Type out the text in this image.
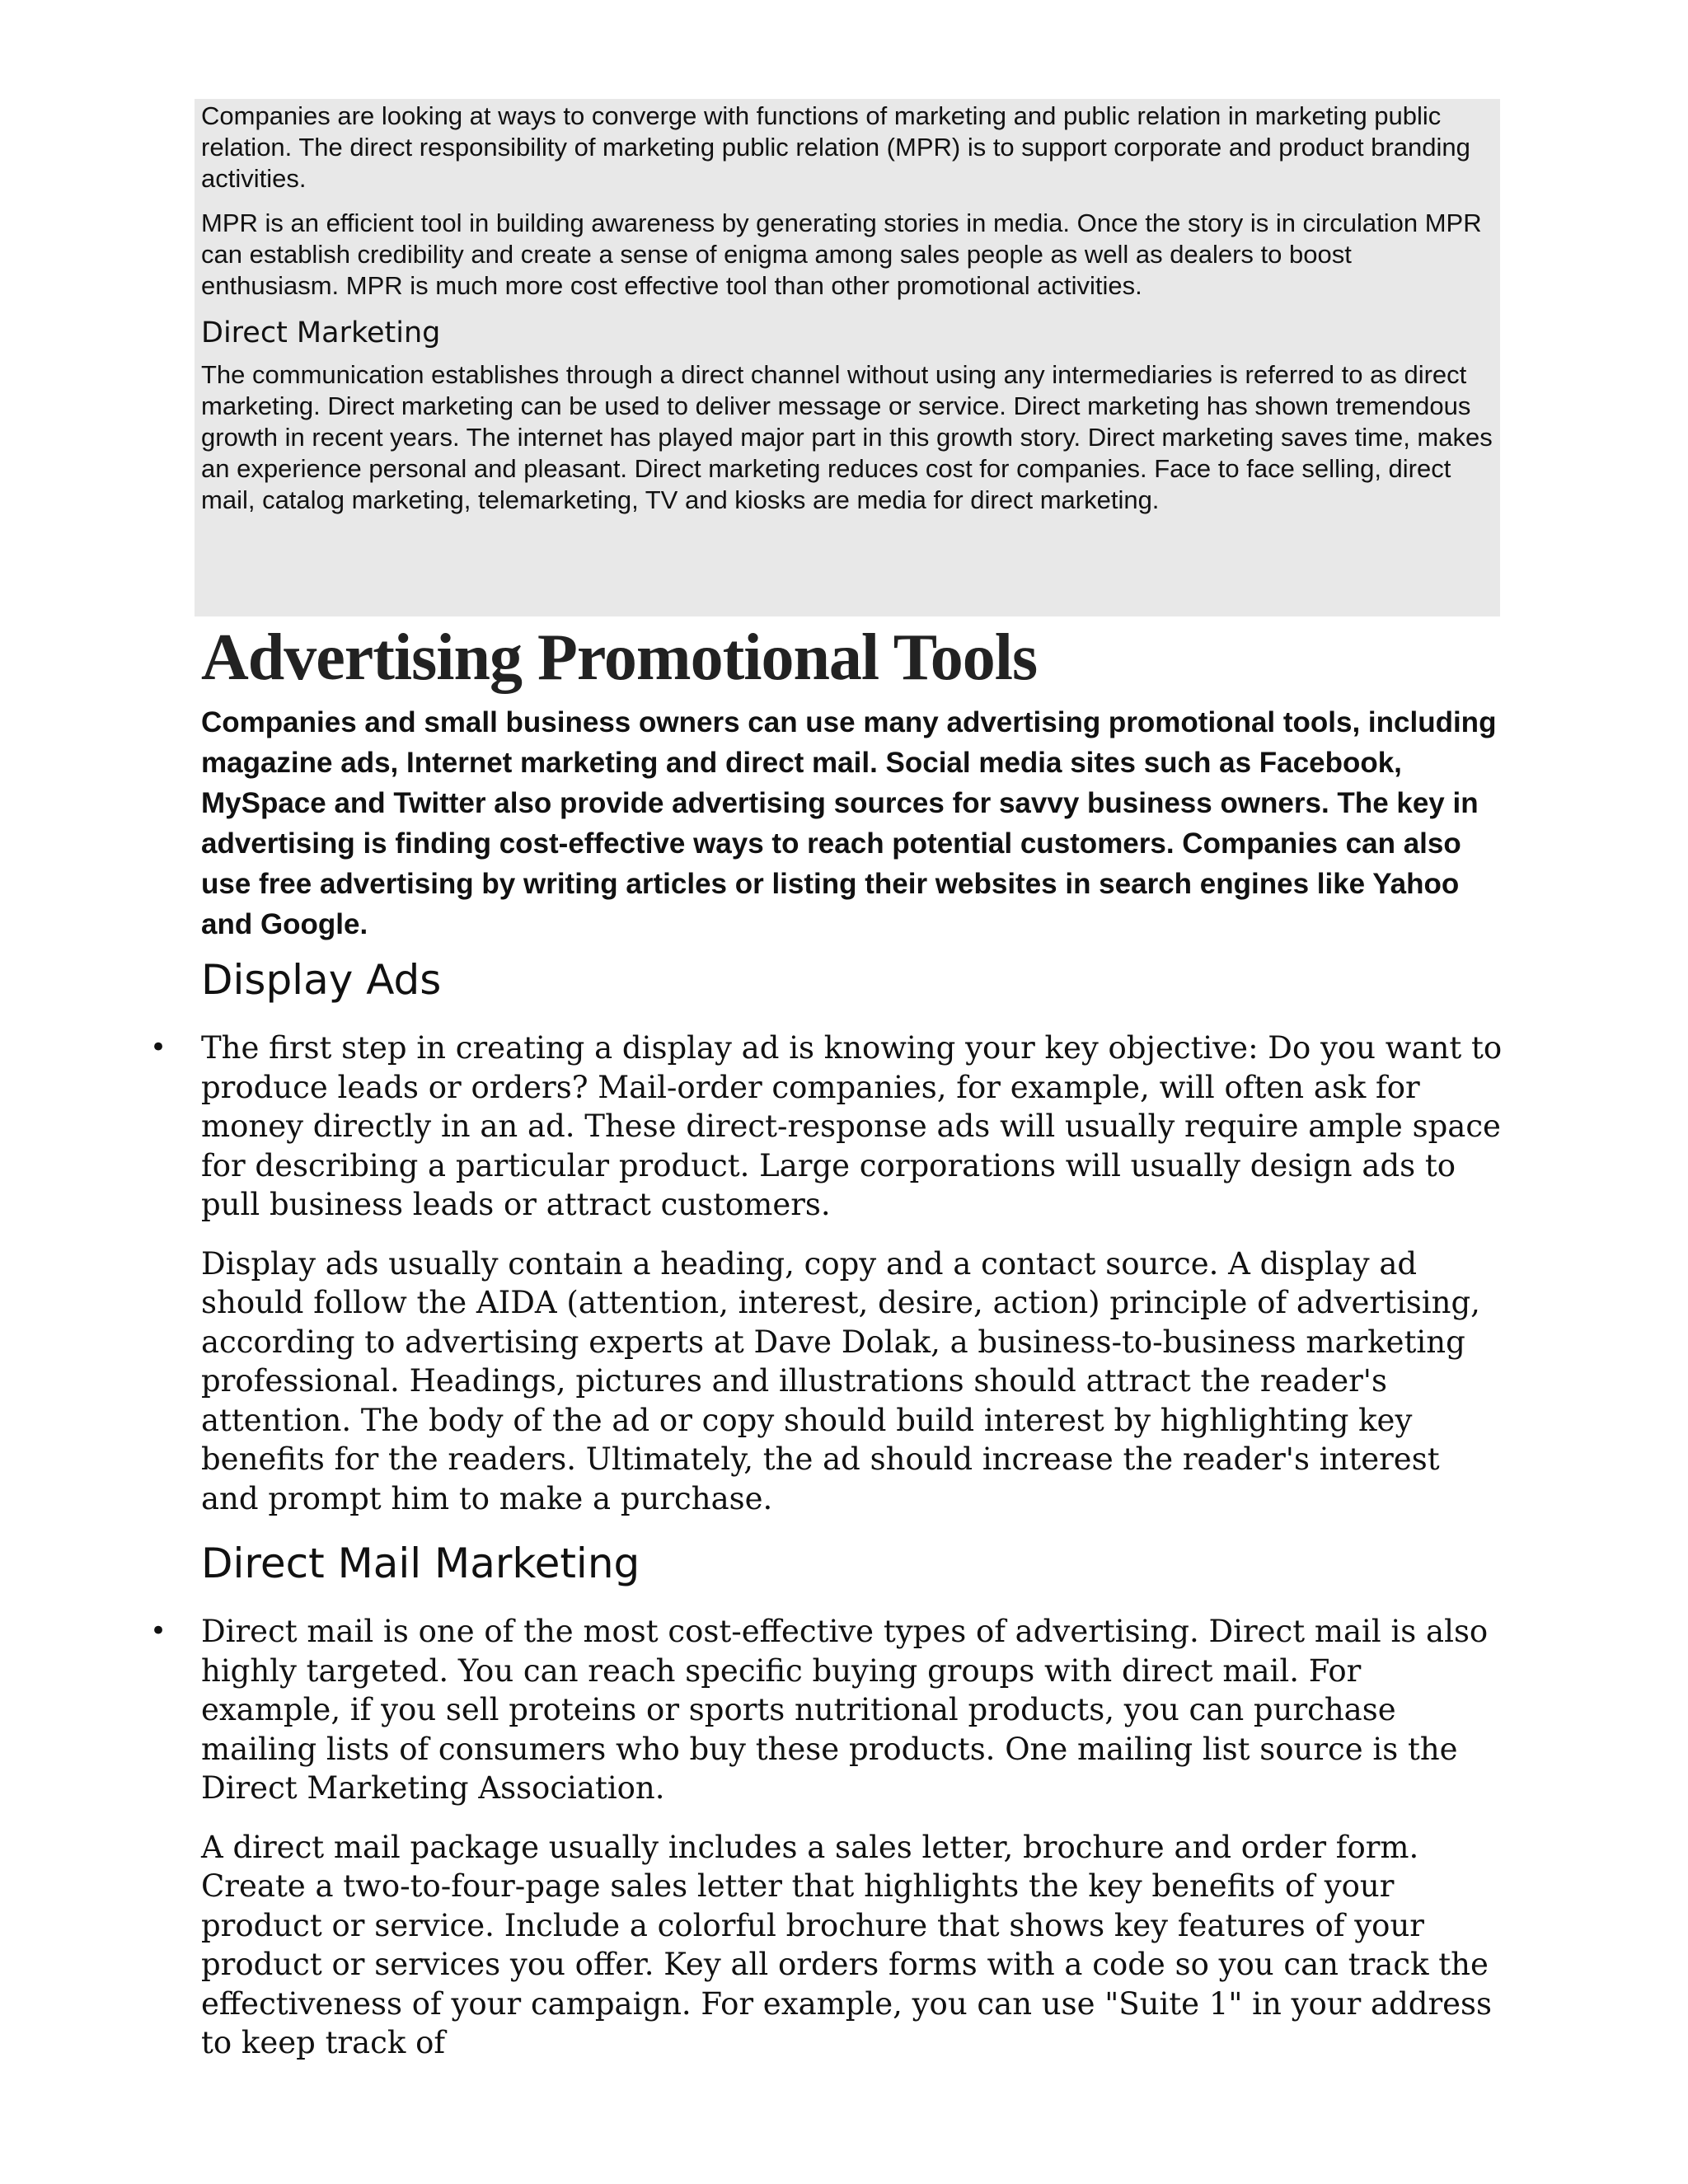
Companies are looking at ways to converge with functions of marketing and public relation in marketing public relation. The direct responsibility of marketing public relation (MPR) is to support corporate and product branding activities.

MPR is an efficient tool in building awareness by generating stories in media. Once the story is in circulation MPR can establish credibility and create a sense of enigma among sales people as well as dealers to boost enthusiasm. MPR is much more cost effective tool than other promotional activities.

Direct Marketing

The communication establishes through a direct channel without using any intermediaries is referred to as direct marketing. Direct marketing can be used to deliver message or service. Direct marketing has shown tremendous growth in recent years. The internet has played major part in this growth story. Direct marketing saves time, makes an experience personal and pleasant. Direct marketing reduces cost for companies. Face to face selling, direct mail, catalog marketing, telemarketing, TV and kiosks are media for direct marketing.

Advertising Promotional Tools

Companies and small business owners can use many advertising promotional tools, including magazine ads, Internet marketing and direct mail. Social media sites such as Facebook, MySpace and Twitter also provide advertising sources for savvy business owners. The key in advertising is finding cost-effective ways to reach potential customers. Companies can also use free advertising by writing articles or listing their websites in search engines like Yahoo and Google.

Display Ads

• The first step in creating a display ad is knowing your key objective: Do you want to produce leads or orders? Mail-order companies, for example, will often ask for money directly in an ad. These direct-response ads will usually require ample space for describing a particular product. Large corporations will usually design ads to pull business leads or attract customers.

Display ads usually contain a heading, copy and a contact source. A display ad should follow the AIDA (attention, interest, desire, action) principle of advertising, according to advertising experts at Dave Dolak, a business-to-business marketing professional. Headings, pictures and illustrations should attract the reader's attention. The body of the ad or copy should build interest by highlighting key benefits for the readers. Ultimately, the ad should increase the reader's interest and prompt him to make a purchase.

Direct Mail Marketing

• Direct mail is one of the most cost-effective types of advertising. Direct mail is also highly targeted. You can reach specific buying groups with direct mail. For example, if you sell proteins or sports nutritional products, you can purchase mailing lists of consumers who buy these products. One mailing list source is the Direct Marketing Association.

A direct mail package usually includes a sales letter, brochure and order form. Create a two-to-four-page sales letter that highlights the key benefits of your product or service. Include a colorful brochure that shows key features of your product or services you offer. Key all orders forms with a code so you can track the effectiveness of your campaign. For example, you can use "Suite 1" in your address to keep track of
